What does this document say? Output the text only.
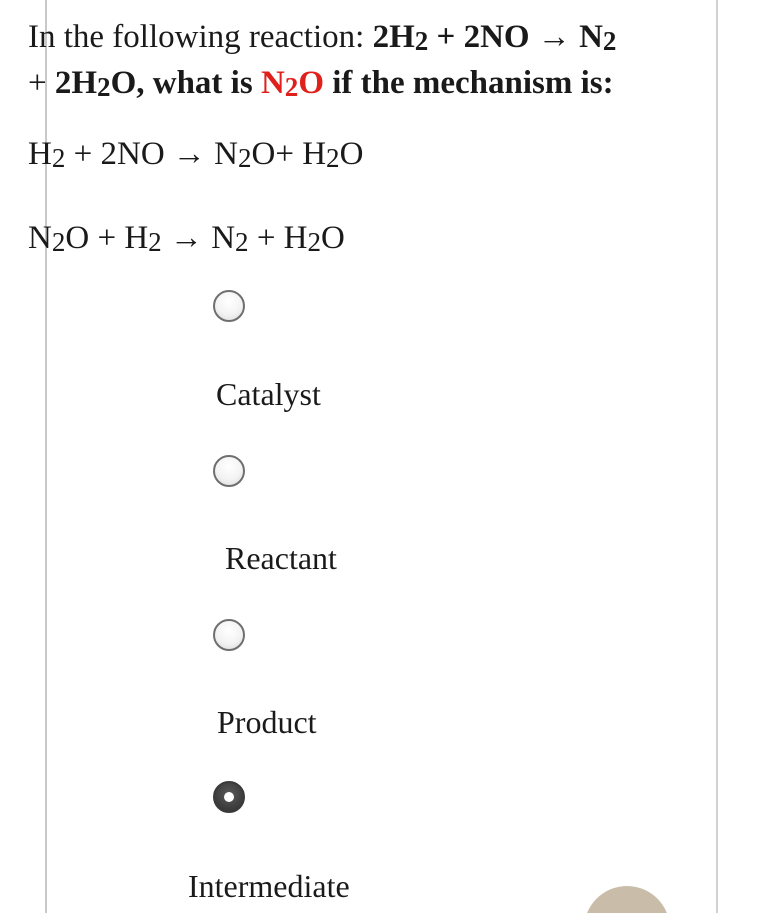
In the following reaction: $2H_2 + 2NO \to N_2$
+ $2H_2O$, what is $N_2O$ if the mechanism is:
$H_2 + 2NO \to N_2O+ H_2O$
$N_2O + H_2 \to N_2 + H_2O$
Catalyst
Reactant
Product
Intermediate
